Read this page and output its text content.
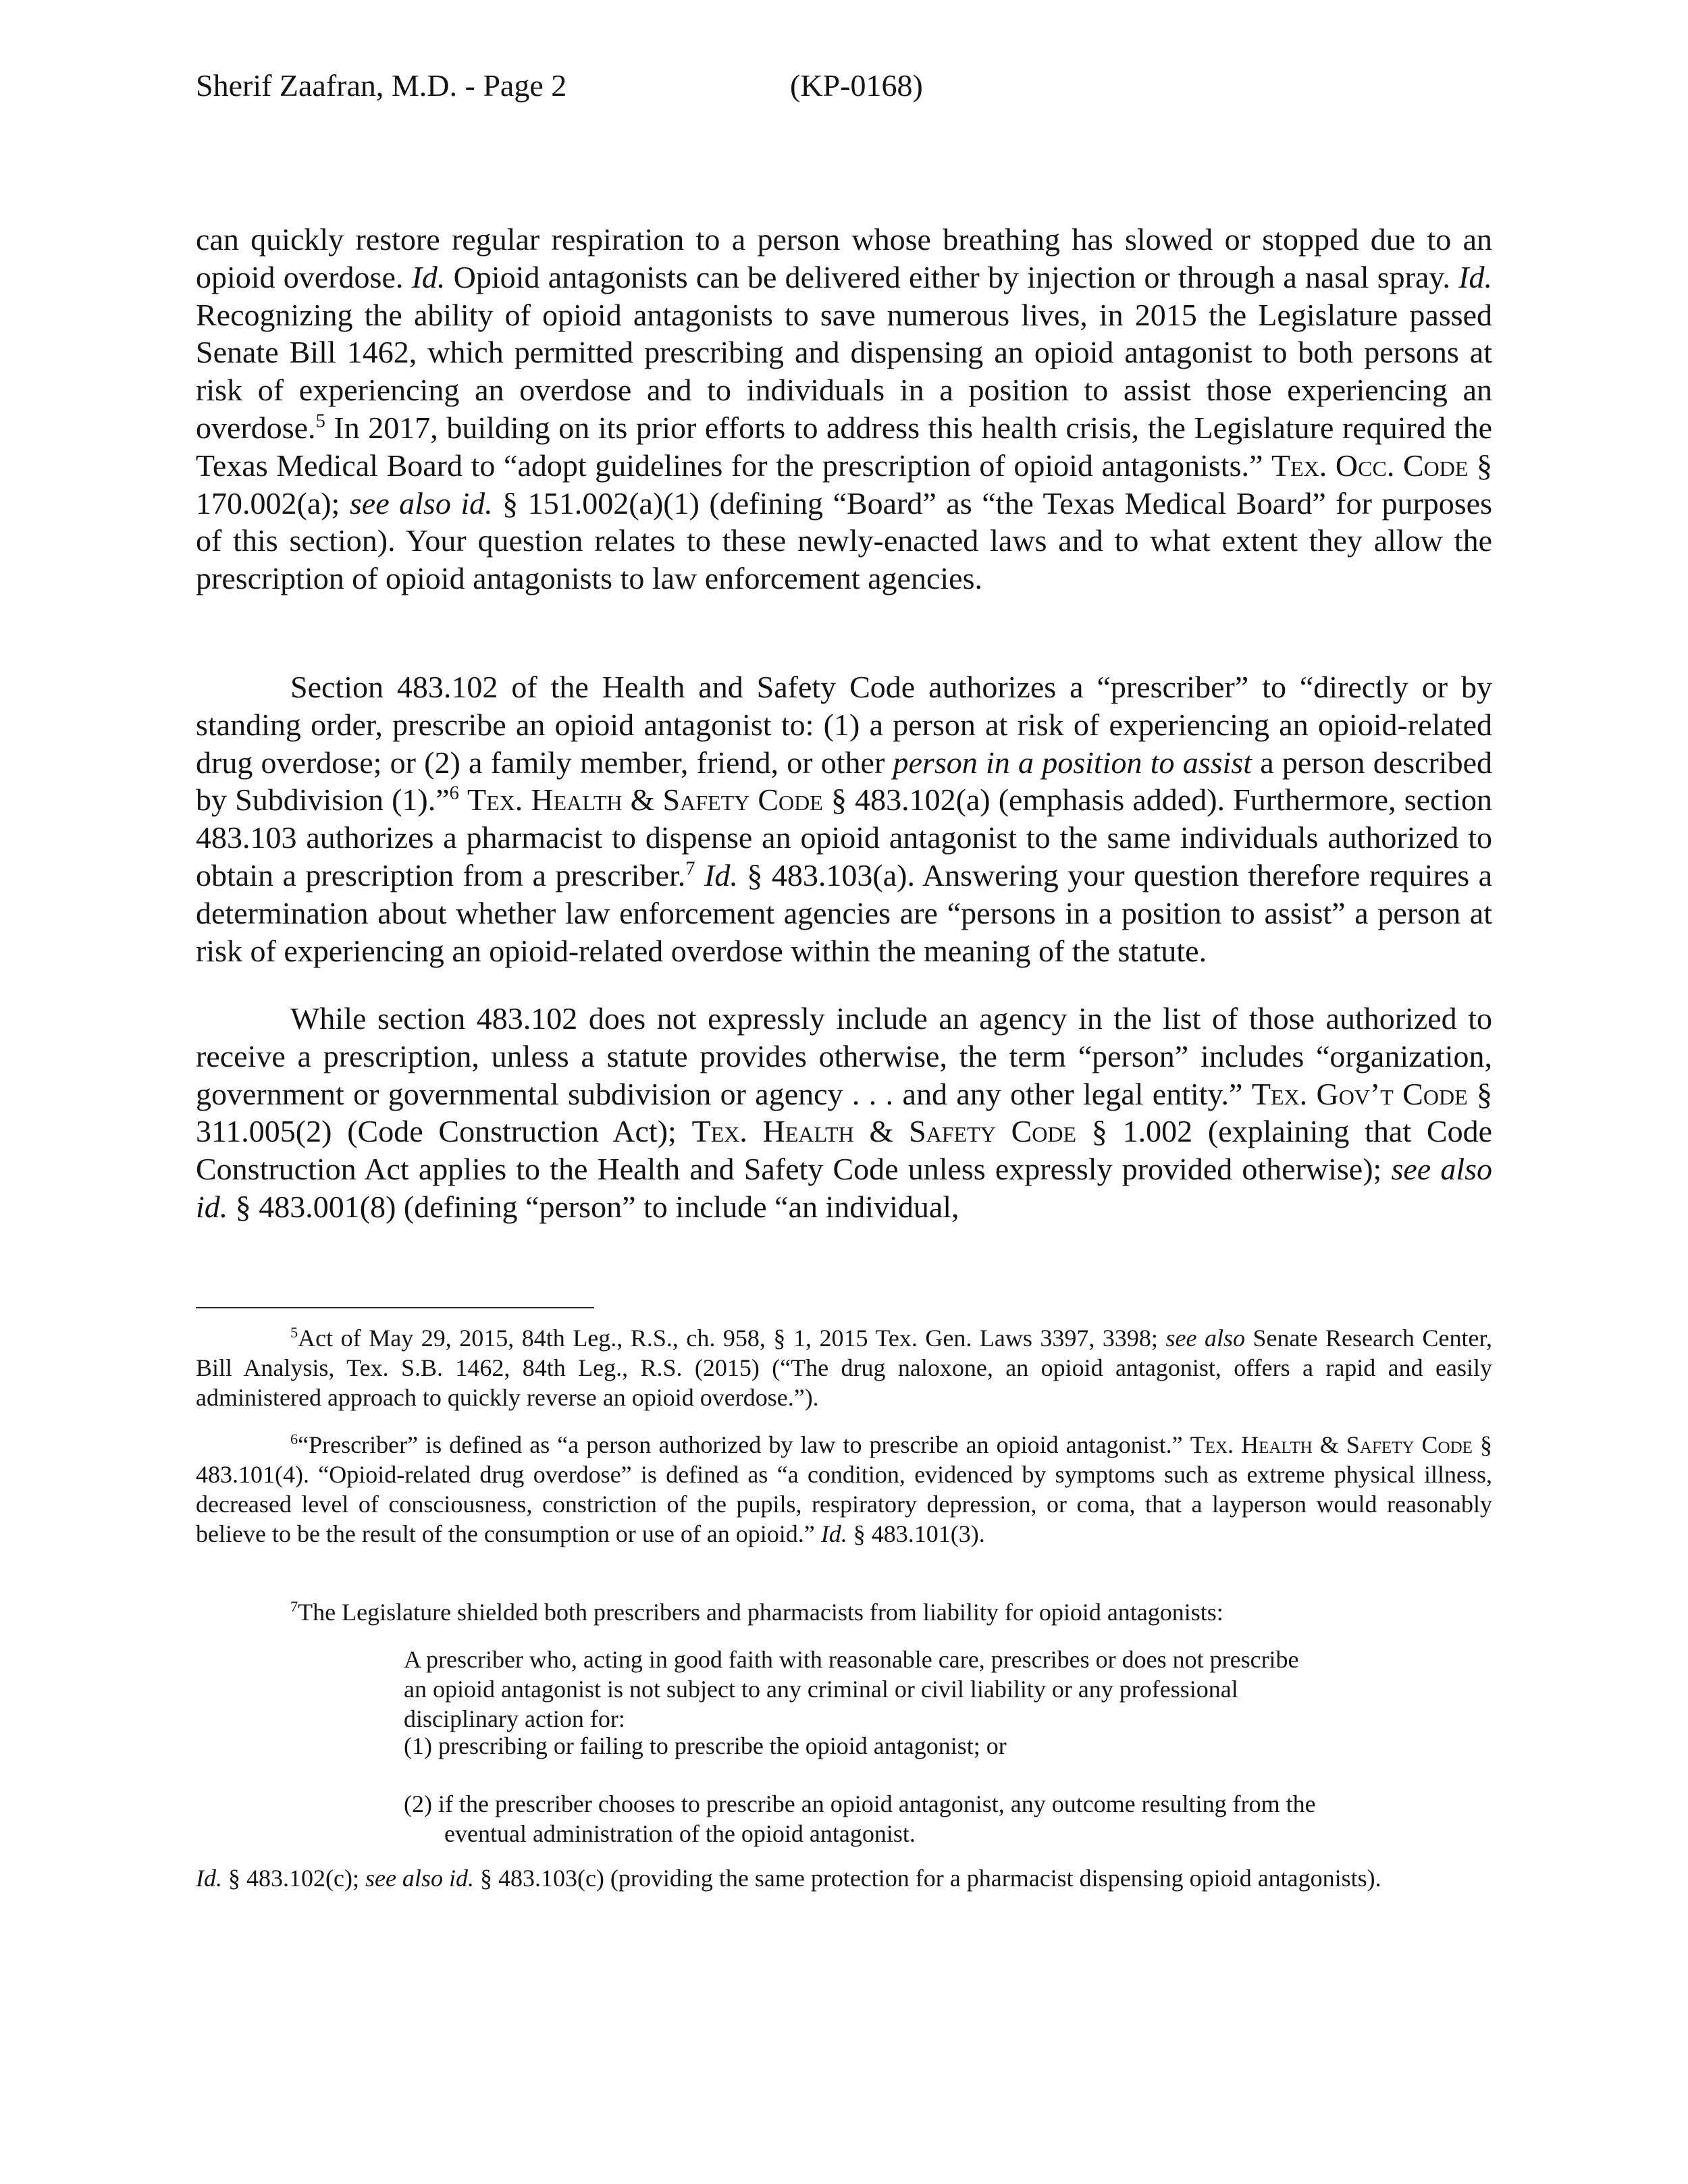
Sherif Zaafran, M.D. - Page 2	(KP-0168)

can quickly restore regular respiration to a person whose breathing has slowed or stopped due to an opioid overdose. Id. Opioid antagonists can be delivered either by injection or through a nasal spray. Id. Recognizing the ability of opioid antagonists to save numerous lives, in 2015 the Legislature passed Senate Bill 1462, which permitted prescribing and dispensing an opioid antagonist to both persons at risk of experiencing an overdose and to individuals in a position to assist those experiencing an overdose.$^5$ In 2017, building on its prior efforts to address this health crisis, the Legislature required the Texas Medical Board to “adopt guidelines for the prescription of opioid antagonists.” Tex. Occ. Code § 170.002(a); see also id. § 151.002(a)(1) (defining “Board” as “the Texas Medical Board” for purposes of this section). Your question relates to these newly-enacted laws and to what extent they allow the prescription of opioid antagonists to law enforcement agencies.

Section 483.102 of the Health and Safety Code authorizes a “prescriber” to “directly or by standing order, prescribe an opioid antagonist to: (1) a person at risk of experiencing an opioid-related drug overdose; or (2) a family member, friend, or other person in a position to assist a person described by Subdivision (1).”$^6$ Tex. Health & Safety Code § 483.102(a) (emphasis added). Furthermore, section 483.103 authorizes a pharmacist to dispense an opioid antagonist to the same individuals authorized to obtain a prescription from a prescriber.$^7$ Id. § 483.103(a). Answering your question therefore requires a determination about whether law enforcement agencies are “persons in a position to assist” a person at risk of experiencing an opioid-related overdose within the meaning of the statute.

While section 483.102 does not expressly include an agency in the list of those authorized to receive a prescription, unless a statute provides otherwise, the term “person” includes “organization, government or governmental subdivision or agency . . . and any other legal entity.” Tex. Gov’t Code § 311.005(2) (Code Construction Act); Tex. Health & Safety Code § 1.002 (explaining that Code Construction Act applies to the Health and Safety Code unless expressly provided otherwise); see also id. § 483.001(8) (defining “person” to include “an individual,

$^5$Act of May 29, 2015, 84th Leg., R.S., ch. 958, § 1, 2015 Tex. Gen. Laws 3397, 3398; see also Senate Research Center, Bill Analysis, Tex. S.B. 1462, 84th Leg., R.S. (2015) (“The drug naloxone, an opioid antagonist, offers a rapid and easily administered approach to quickly reverse an opioid overdose.”).

$^6$“Prescriber” is defined as “a person authorized by law to prescribe an opioid antagonist.” Tex. Health & Safety Code § 483.101(4). “Opioid-related drug overdose” is defined as “a condition, evidenced by symptoms such as extreme physical illness, decreased level of consciousness, constriction of the pupils, respiratory depression, or coma, that a layperson would reasonably believe to be the result of the consumption or use of an opioid.” Id. § 483.101(3).

$^7$The Legislature shielded both prescribers and pharmacists from liability for opioid antagonists:

A prescriber who, acting in good faith with reasonable care, prescribes or does not prescribe an opioid antagonist is not subject to any criminal or civil liability or any professional disciplinary action for:

(1) prescribing or failing to prescribe the opioid antagonist; or

(2) if the prescriber chooses to prescribe an opioid antagonist, any outcome resulting from the eventual administration of the opioid antagonist.

Id. § 483.102(c); see also id. § 483.103(c) (providing the same protection for a pharmacist dispensing opioid antagonists).
